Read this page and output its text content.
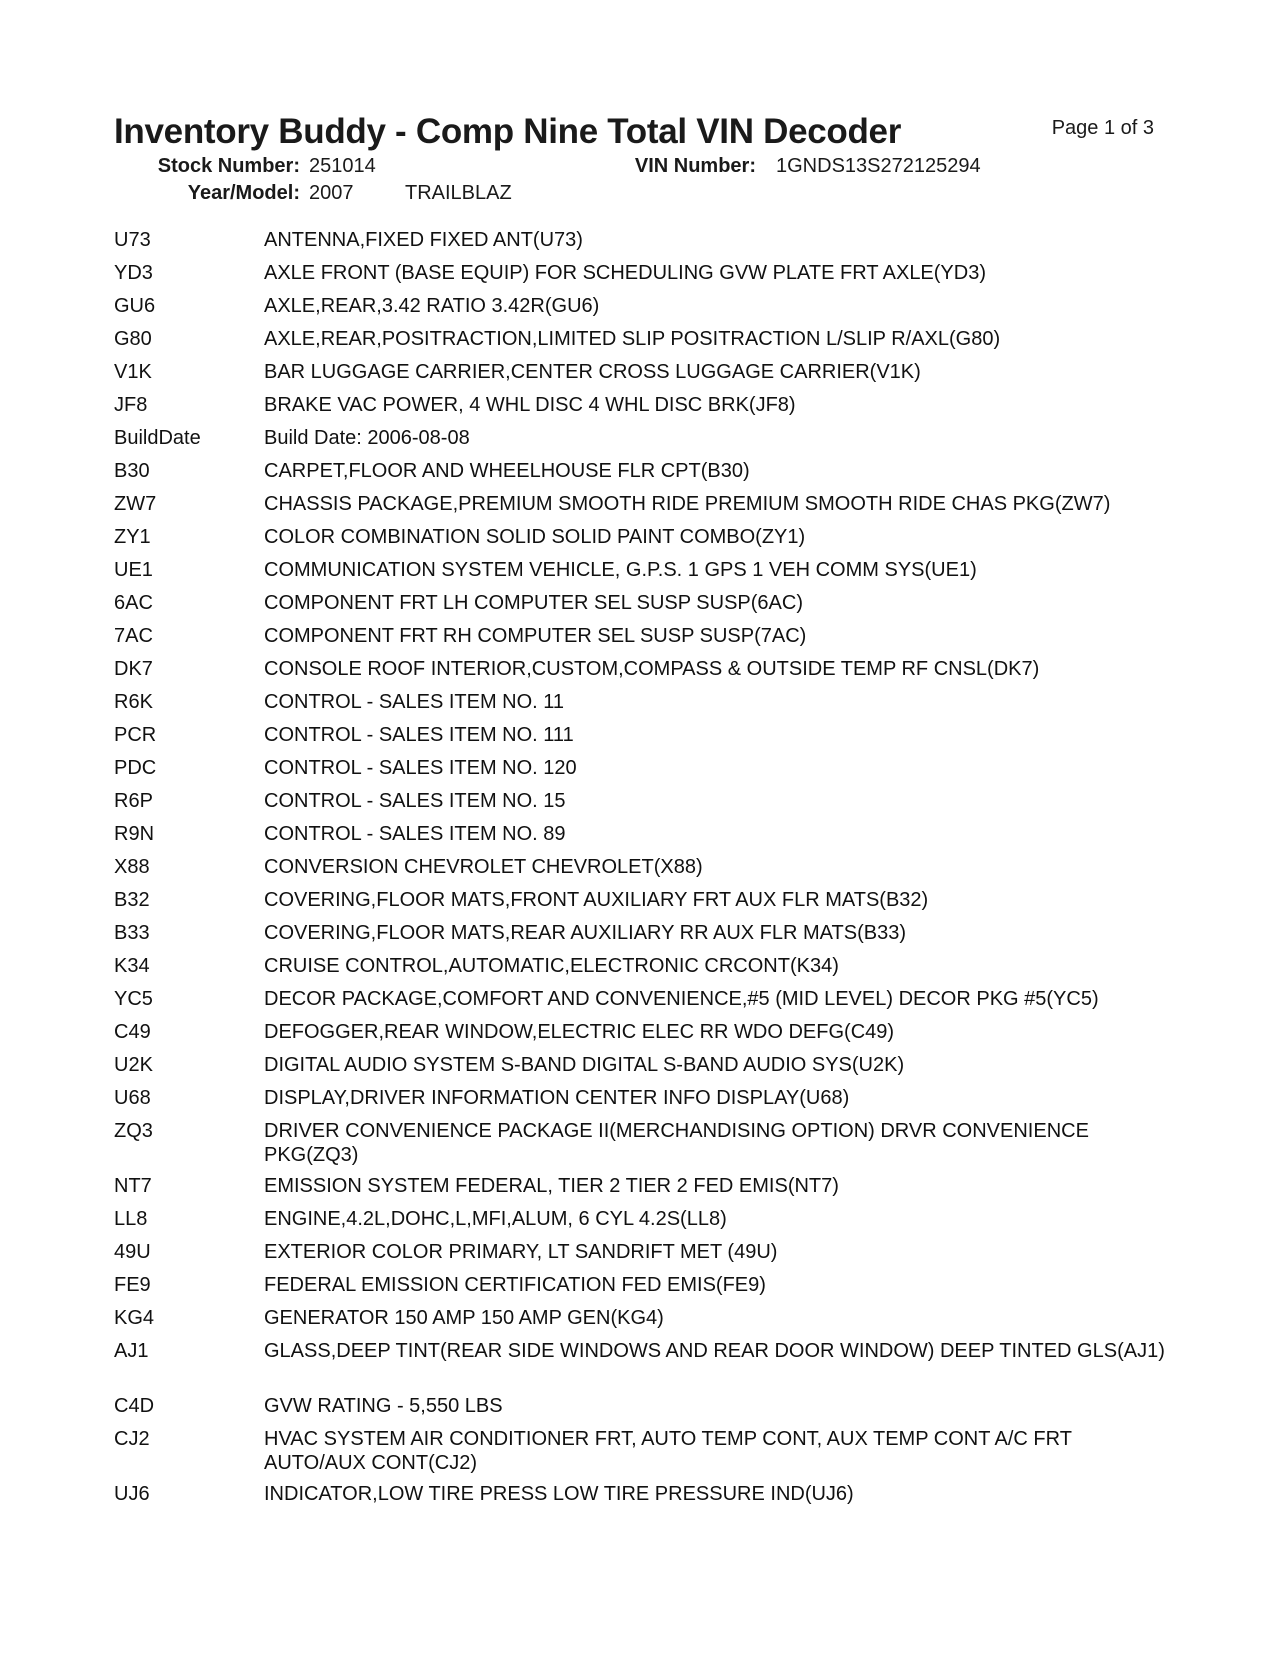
Inventory Buddy - Comp Nine Total VIN Decoder	Page 1 of 3
Stock Number: 251014	VIN Number: 1GNDS13S272125294
Year/Model: 2007	TRAILBLAZ
U73	ANTENNA,FIXED FIXED ANT(U73)
YD3	AXLE FRONT (BASE EQUIP) FOR SCHEDULING GVW PLATE FRT AXLE(YD3)
GU6	AXLE,REAR,3.42 RATIO 3.42R(GU6)
G80	AXLE,REAR,POSITRACTION,LIMITED SLIP POSITRACTION L/SLIP R/AXL(G80)
V1K	BAR LUGGAGE CARRIER,CENTER CROSS LUGGAGE CARRIER(V1K)
JF8	BRAKE VAC POWER, 4 WHL DISC 4 WHL DISC BRK(JF8)
BuildDate	Build Date: 2006-08-08
B30	CARPET,FLOOR AND WHEELHOUSE FLR CPT(B30)
ZW7	CHASSIS PACKAGE,PREMIUM SMOOTH RIDE PREMIUM SMOOTH RIDE CHAS PKG(ZW7)
ZY1	COLOR COMBINATION SOLID SOLID PAINT COMBO(ZY1)
UE1	COMMUNICATION SYSTEM VEHICLE, G.P.S. 1 GPS 1 VEH COMM SYS(UE1)
6AC	COMPONENT FRT LH COMPUTER SEL SUSP SUSP(6AC)
7AC	COMPONENT FRT RH COMPUTER SEL SUSP SUSP(7AC)
DK7	CONSOLE ROOF INTERIOR,CUSTOM,COMPASS & OUTSIDE TEMP RF CNSL(DK7)
R6K	CONTROL - SALES ITEM NO. 11
PCR	CONTROL - SALES ITEM NO. 111
PDC	CONTROL - SALES ITEM NO. 120
R6P	CONTROL - SALES ITEM NO. 15
R9N	CONTROL - SALES ITEM NO. 89
X88	CONVERSION CHEVROLET CHEVROLET(X88)
B32	COVERING,FLOOR MATS,FRONT AUXILIARY FRT AUX FLR MATS(B32)
B33	COVERING,FLOOR MATS,REAR AUXILIARY RR AUX FLR MATS(B33)
K34	CRUISE CONTROL,AUTOMATIC,ELECTRONIC CRCONT(K34)
YC5	DECOR PACKAGE,COMFORT AND CONVENIENCE,#5 (MID LEVEL) DECOR PKG #5(YC5)
C49	DEFOGGER,REAR WINDOW,ELECTRIC ELEC RR WDO DEFG(C49)
U2K	DIGITAL AUDIO SYSTEM S-BAND DIGITAL S-BAND AUDIO SYS(U2K)
U68	DISPLAY,DRIVER INFORMATION CENTER INFO DISPLAY(U68)
ZQ3	DRIVER CONVENIENCE PACKAGE II(MERCHANDISING OPTION) DRVR CONVENIENCE PKG(ZQ3)
NT7	EMISSION SYSTEM FEDERAL, TIER 2 TIER 2 FED EMIS(NT7)
LL8	ENGINE,4.2L,DOHC,L,MFI,ALUM, 6 CYL 4.2S(LL8)
49U	EXTERIOR COLOR PRIMARY, LT SANDRIFT MET (49U)
FE9	FEDERAL EMISSION CERTIFICATION FED EMIS(FE9)
KG4	GENERATOR 150 AMP 150 AMP GEN(KG4)
AJ1	GLASS,DEEP TINT(REAR SIDE WINDOWS AND REAR DOOR WINDOW) DEEP TINTED GLS(AJ1)
C4D	GVW RATING - 5,550 LBS
CJ2	HVAC SYSTEM AIR CONDITIONER FRT, AUTO TEMP CONT, AUX TEMP CONT A/C FRT AUTO/AUX CONT(CJ2)
UJ6	INDICATOR,LOW TIRE PRESS LOW TIRE PRESSURE IND(UJ6)
